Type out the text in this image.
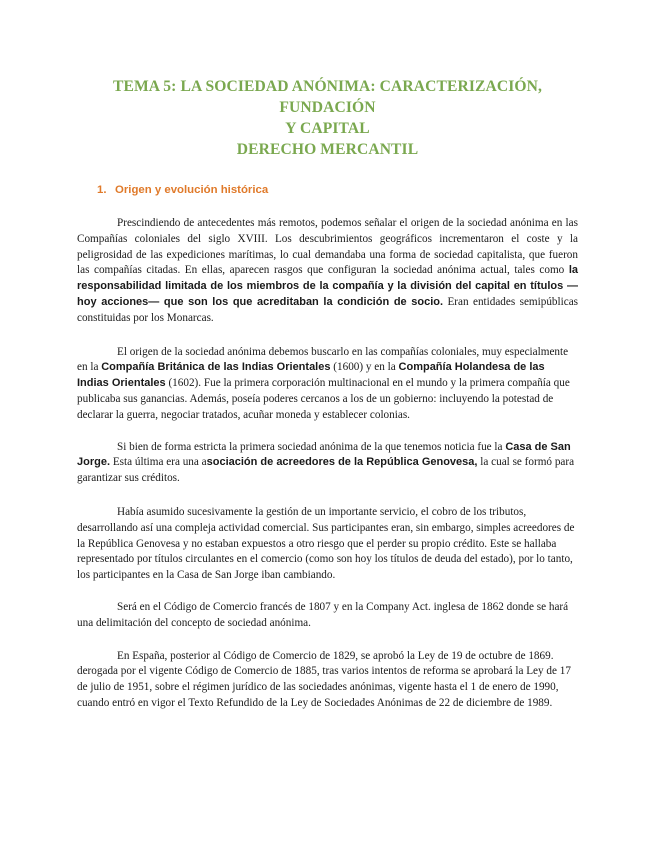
TEMA 5: LA SOCIEDAD ANÓNIMA: CARACTERIZACIÓN, FUNDACIÓN
Y CAPITAL
DERECHO MERCANTIL
1. Origen y evolución histórica

Prescindiendo de antecedentes más remotos, podemos señalar el origen de la sociedad anónima en las Compañías coloniales del siglo XVIII. Los descubrimientos geográficos incrementaron el coste y la peligrosidad de las expediciones marítimas, lo cual demandaba una forma de sociedad capitalista, que fueron las compañías citadas. En ellas, aparecen rasgos que configuran la sociedad anónima actual, tales como la responsabilidad limitada de los miembros de la compañía y la división del capital en títulos —hoy acciones— que son los que acreditaban la condición de socio. Eran entidades semipúblicas constituidas por los Monarcas.

El origen de la sociedad anónima debemos buscarlo en las compañías coloniales, muy especialmente en la Compañía Británica de las Indias Orientales (1600) y en la Compañía Holandesa de las Indias Orientales (1602). Fue la primera corporación multinacional en el mundo y la primera compañía que publicaba sus ganancias. Además, poseía poderes cercanos a los de un gobierno: incluyendo la potestad de declarar la guerra, negociar tratados, acuñar moneda y establecer colonias.

Si bien de forma estricta la primera sociedad anónima de la que tenemos noticia fue la Casa de San Jorge. Esta última era una asociación de acreedores de la República Genovesa, la cual se formó para garantizar sus créditos.

Había asumido sucesivamente la gestión de un importante servicio, el cobro de los tributos, desarrollando así una compleja actividad comercial. Sus participantes eran, sin embargo, simples acreedores de la República Genovesa y no estaban expuestos a otro riesgo que el perder su propio crédito. Este se hallaba representado por títulos circulantes en el comercio (como son hoy los títulos de deuda del estado), por lo tanto, los participantes en la Casa de San Jorge iban cambiando.

Será en el Código de Comercio francés de 1807 y en la Company Act. inglesa de 1862 donde se hará una delimitación del concepto de sociedad anónima.

En España, posterior al Código de Comercio de 1829, se aprobó la Ley de 19 de octubre de 1869. derogada por el vigente Código de Comercio de 1885, tras varios intentos de reforma se aprobará la Ley de 17 de julio de 1951, sobre el régimen jurídico de las sociedades anónimas, vigente hasta el 1 de enero de 1990, cuando entró en vigor el Texto Refundido de la Ley de Sociedades Anónimas de 22 de diciembre de 1989.
